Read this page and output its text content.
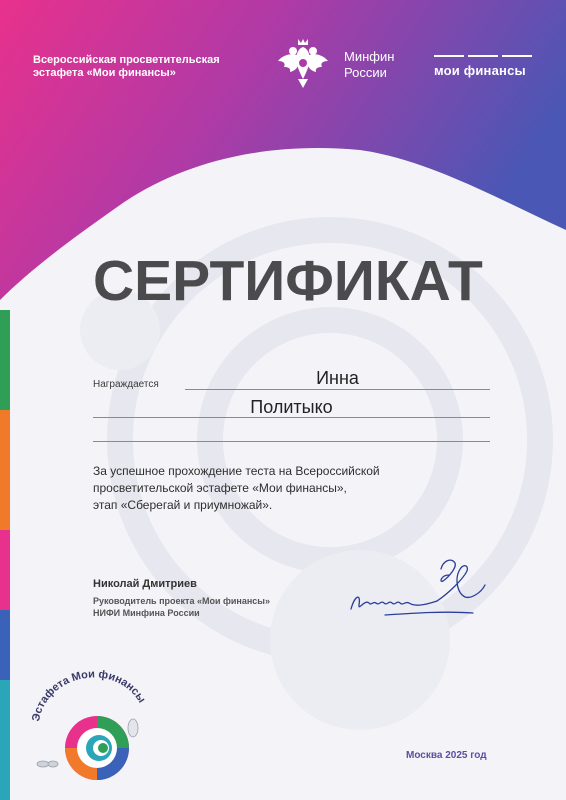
Всероссийская просветительская
эстафета «Мои финансы»
Минфин
России	мои финансы
СЕРТИФИКАТ
Награждается	Инна
Политыко
За успешное прохождение теста на Всероссийской
просветительской эстафете «Мои финансы»,
этап «Сберегай и приумножай».
Николай Дмитриев
Руководитель проекта «Мои финансы»
НИФИ Минфина России
Москва 2025 год
Эстафета Мои финансы
